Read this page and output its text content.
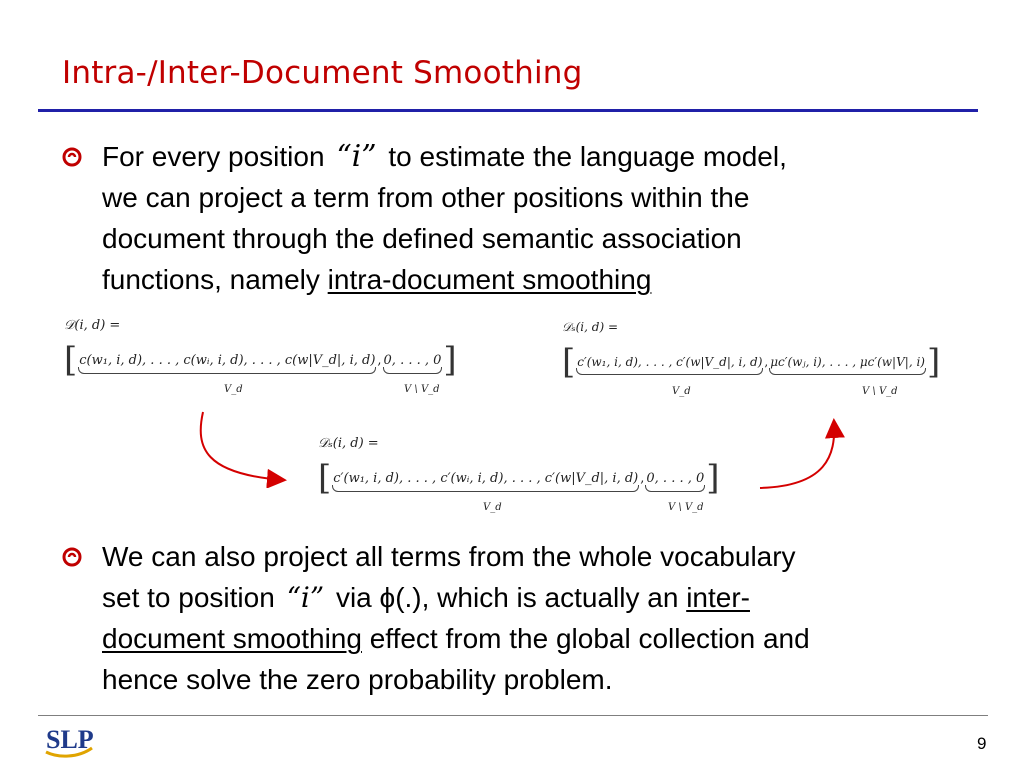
Intra-/Inter-Document Smoothing
For every position “i” to estimate the language model,
we can project a term from other positions within the
document through the defined semantic association
functions, namely intra-document smoothing
𝒟(i, d) =
[ c(w₁, i, d), . . . , c(wᵢ, i, d), . . . , c(w|V_d|, i, d) , 0, . . . , 0 ]
V_d	V \ V_d
𝒟ₛ(i, d) =
[ c′(w₁, i, d), . . . , c′(w|V_d|, i, d) , μc′(wⱼ, i), . . . , μc′(w|V|, i) ]
V_d	V \ V_d
𝒟ₛ(i, d) =
[ c′(w₁, i, d), . . . , c′(wᵢ, i, d), . . . , c′(w|V_d|, i, d) , 0, . . . , 0 ]
V_d	V \ V_d
We can also project all terms from the whole vocabulary
set to position “i” via ϕ(.), which is actually an inter-
document smoothing effect from the global collection and
hence solve the zero probability problem.
SLP	9
